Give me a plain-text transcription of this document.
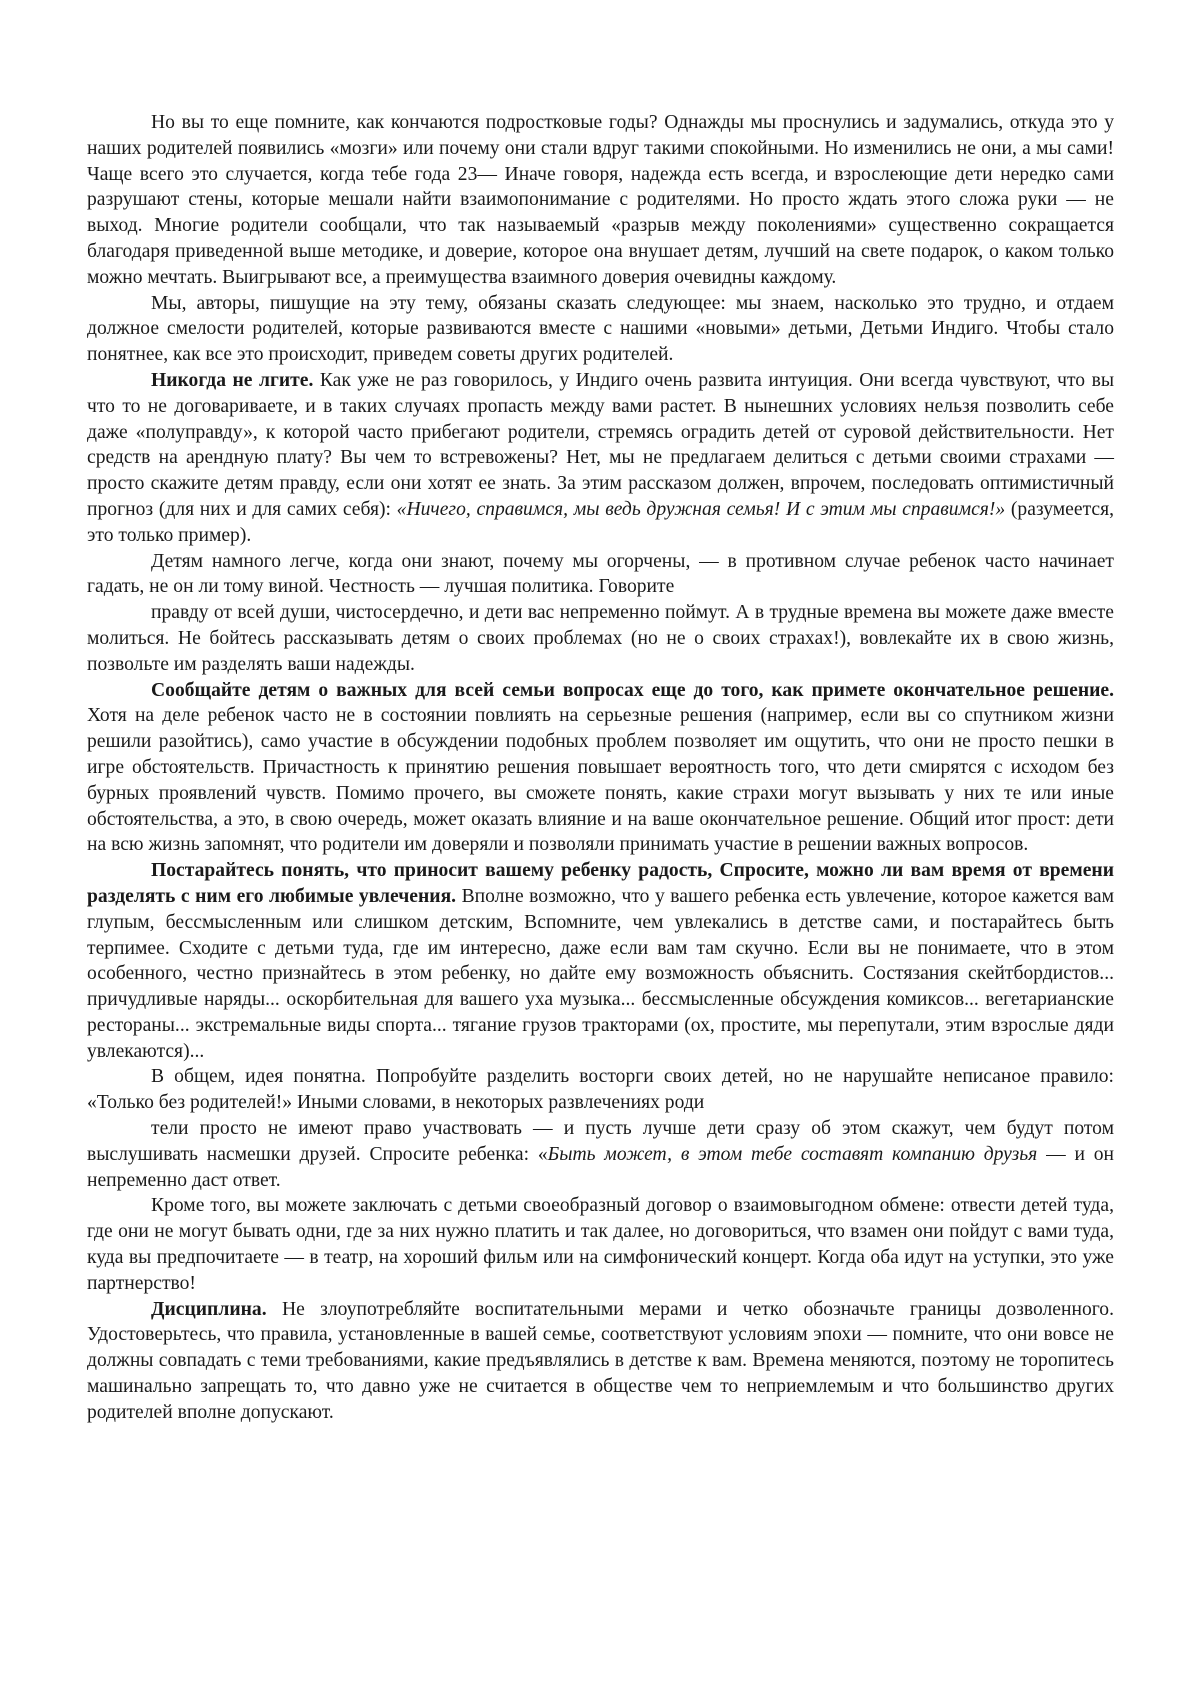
Но вы то еще помните, как кончаются подростковые годы? Однажды мы проснулись и задумались, откуда это у наших родителей появились «мозги» или почему они стали вдруг такими спокойными. Но изменились не они, а мы сами! Чаще всего это случается, когда тебе года 23— Иначе говоря, надежда есть всегда, и взрослеющие дети нередко сами разрушают стены, которые мешали найти взаимопонимание с родителями. Но просто ждать этого сложа руки — не выход. Многие родители сообщали, что так называемый «разрыв между поколениями» существенно сокращается благодаря приведенной выше методике, и доверие, которое она внушает детям, лучший на свете подарок, о каком только можно мечтать. Выигрывают все, а преимущества взаимного доверия очевидны каждому.

Мы, авторы, пишущие на эту тему, обязаны сказать следующее: мы знаем, насколько это трудно, и отдаем должное смелости родителей, которые развиваются вместе с нашими «новыми» детьми, Детьми Индиго. Чтобы стало понятнее, как все это происходит, приведем советы других родителей.

Никогда не лгите. Как уже не раз говорилось, у Индиго очень развита интуиция. Они всегда чувствуют, что вы что то не договариваете, и в таких случаях пропасть между вами растет. В нынешних условиях нельзя позволить себе даже «полуправду», к которой часто прибегают родители, стремясь оградить детей от суровой действительности. Нет средств на арендную плату? Вы чем то встревожены? Нет, мы не предлагаем делиться с детьми своими страхами — просто скажите детям правду, если они хотят ее знать. За этим рассказом должен, впрочем, последовать оптимистичный прогноз (для них и для самих себя): «Ничего, справимся, мы ведь дружная семья! И с этим мы справимся!» (разумеется, это только пример).

Детям намного легче, когда они знают, почему мы огорчены, — в противном случае ребенок часто начинает гадать, не он ли тому виной. Честность — лучшая политика. Говорите

правду от всей души, чистосердечно, и дети вас непременно поймут. А в трудные времена вы можете даже вместе молиться. Не бойтесь рассказывать детям о своих проблемах (но не о своих страхах!), вовлекайте их в свою жизнь, позвольте им разделять ваши надежды.

Сообщайте детям о важных для всей семьи вопросах еще до того, как примете окончательное решение. Хотя на деле ребенок часто не в состоянии повлиять на серьезные решения (например, если вы со спутником жизни решили разойтись), само участие в обсуждении подобных проблем позволяет им ощутить, что они не просто пешки в игре обстоятельств. Причастность к принятию решения повышает вероятность того, что дети смирятся с исходом без бурных проявлений чувств. Помимо прочего, вы сможете понять, какие страхи могут вызывать у них те или иные обстоятельства, а это, в свою очередь, может оказать влияние и на ваше окончательное решение. Общий итог прост: дети на всю жизнь запомнят, что родители им доверяли и позволяли принимать участие в решении важных вопросов.

Постарайтесь понять, что приносит вашему ребенку радость, Спросите, можно ли вам время от времени разделять с ним его любимые увлечения. Вполне возможно, что у вашего ребенка есть увлечение, которое кажется вам глупым, бессмысленным или слишком детским, Вспомните, чем увлекались в детстве сами, и постарайтесь быть терпимее. Сходите с детьми туда, где им интересно, даже если вам там скучно. Если вы не понимаете, что в этом особенного, честно признайтесь в этом ребенку, но дайте ему возможность объяснить. Состязания скейтбордистов... причудливые наряды... оскорбительная для вашего уха музыка... бессмысленные обсуждения комиксов... вегетарианские рестораны... экстремальные виды спорта... тягание грузов тракторами (ох, простите, мы перепутали, этим взрослые дяди увлекаются)...

В общем, идея понятна. Попробуйте разделить восторги своих детей, но не нарушайте неписаное правило: «Только без родителей!» Иными словами, в некоторых развлечениях роди

тели просто не имеют право участвовать — и пусть лучше дети сразу об этом скажут, чем будут потом выслушивать насмешки друзей. Спросите ребенка: «Быть может, в этом тебе составят компанию друзья — и он непременно даст ответ.

Кроме того, вы можете заключать с детьми своеобразный договор о взаимовыгодном обмене: отвести детей туда, где они не могут бывать одни, где за них нужно платить и так далее, но договориться, что взамен они пойдут с вами туда, куда вы предпочитаете — в театр, на хороший фильм или на симфонический концерт. Когда оба идут на уступки, это уже партнерство!

Дисциплина. Не злоупотребляйте воспитательными мерами и четко обозначьте границы дозволенного. Удостоверьтесь, что правила, установленные в вашей семье, соответствуют условиям эпохи — помните, что они вовсе не должны совпадать с теми требованиями, какие предъявлялись в детстве к вам. Времена меняются, поэтому не торопитесь машинально запрещать то, что давно уже не считается в обществе чем то неприемлемым и что большинство других родителей вполне допускают.
